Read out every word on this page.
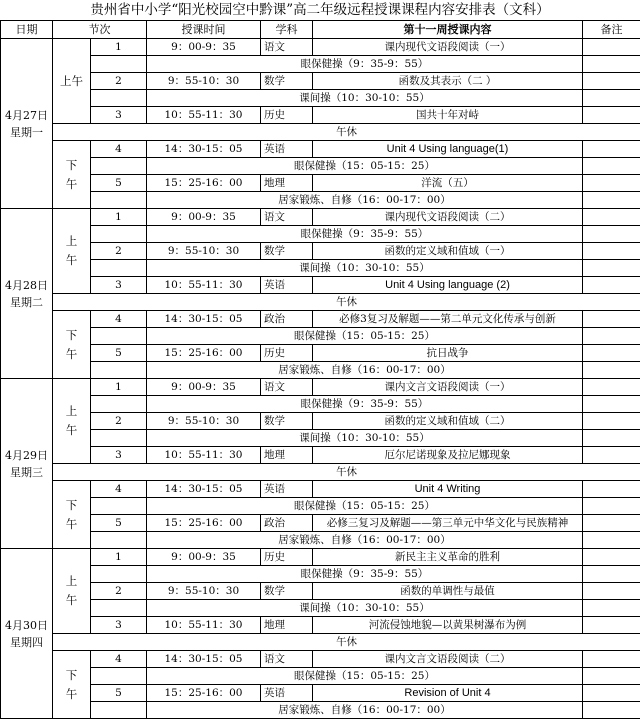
贵州省中小学“阳光校园空中黔课”高二年级远程授课课程内容安排表（文科）
日期	节次		授课时间	学科	第十一周授课内容	备注

4月27日
星期一	上午	1	9：00-9：35	语文	课内现代文语段阅读（一）	
			眼保健操（9：35-9：55）			
		2	9：55-10：30	数学	函数及其表示（二 ）	
			课间操（10：30-10：55）			
		3	10：55-11：30	历史	国共十年对峙	
	午休					
	下午	4	14：30-15：05	英语	Unit 4 Using language(1)	
			眼保健操（15：05-15：25）			
		5	15：25-16：00	地理	洋流（五）	
			居家锻炼、自修（16：00-17：00）			

4月28日
星期二	上午	1	9：00-9：35	语文	课内现代文语段阅读（二）	
			眼保健操（9：35-9：55）			
		2	9：55-10：30	数学	函数的定义域和值域（一）	
			课间操（10：30-10：55）			
		3	10：55-11：30	英语	Unit 4 Using language (2)	
	午休					
	下午	4	14：30-15：05	政治	必修3复习及解题——第二单元文化传承与创新	
			眼保健操（15：05-15：25）			
		5	15：25-16：00	历史	抗日战争	
			居家锻炼、自修（16：00-17：00）			

4月29日
星期三	上午	1	9：00-9：35	语文	课内文言文语段阅读（一）	
			眼保健操（9：35-9：55）			
		2	9：55-10：30	数学	函数的定义域和值域（二）	
			课间操（10：30-10：55）			
		3	10：55-11：30	地理	厄尔尼诺现象及拉尼娜现象	
	午休					
	下午	4	14：30-15：05	英语	Unit 4 Writing	
			眼保健操（15：05-15：25）			
		5	15：25-16：00	政治	必修三复习及解题——第三单元中华文化与民族精神	
			居家锻炼、自修（16：00-17：00）			

4月30日
星期四	上午	1	9：00-9：35	历史	新民主主义革命的胜利	
			眼保健操（9：35-9：55）			
		2	9：55-10：30	数学	函数的单调性与最值	
			课间操（10：30-10：55）			
		3	10：55-11：30	地理	河流侵蚀地貌—以黄果树瀑布为例	
	午休					
	下午	4	14：30-15：05	语文	课内文言文语段阅读（二）	
			眼保健操（15：05-15：25）			
		5	15：25-16：00	英语	Revision of Unit 4	
			居家锻炼、自修（16：00-17：00）			
